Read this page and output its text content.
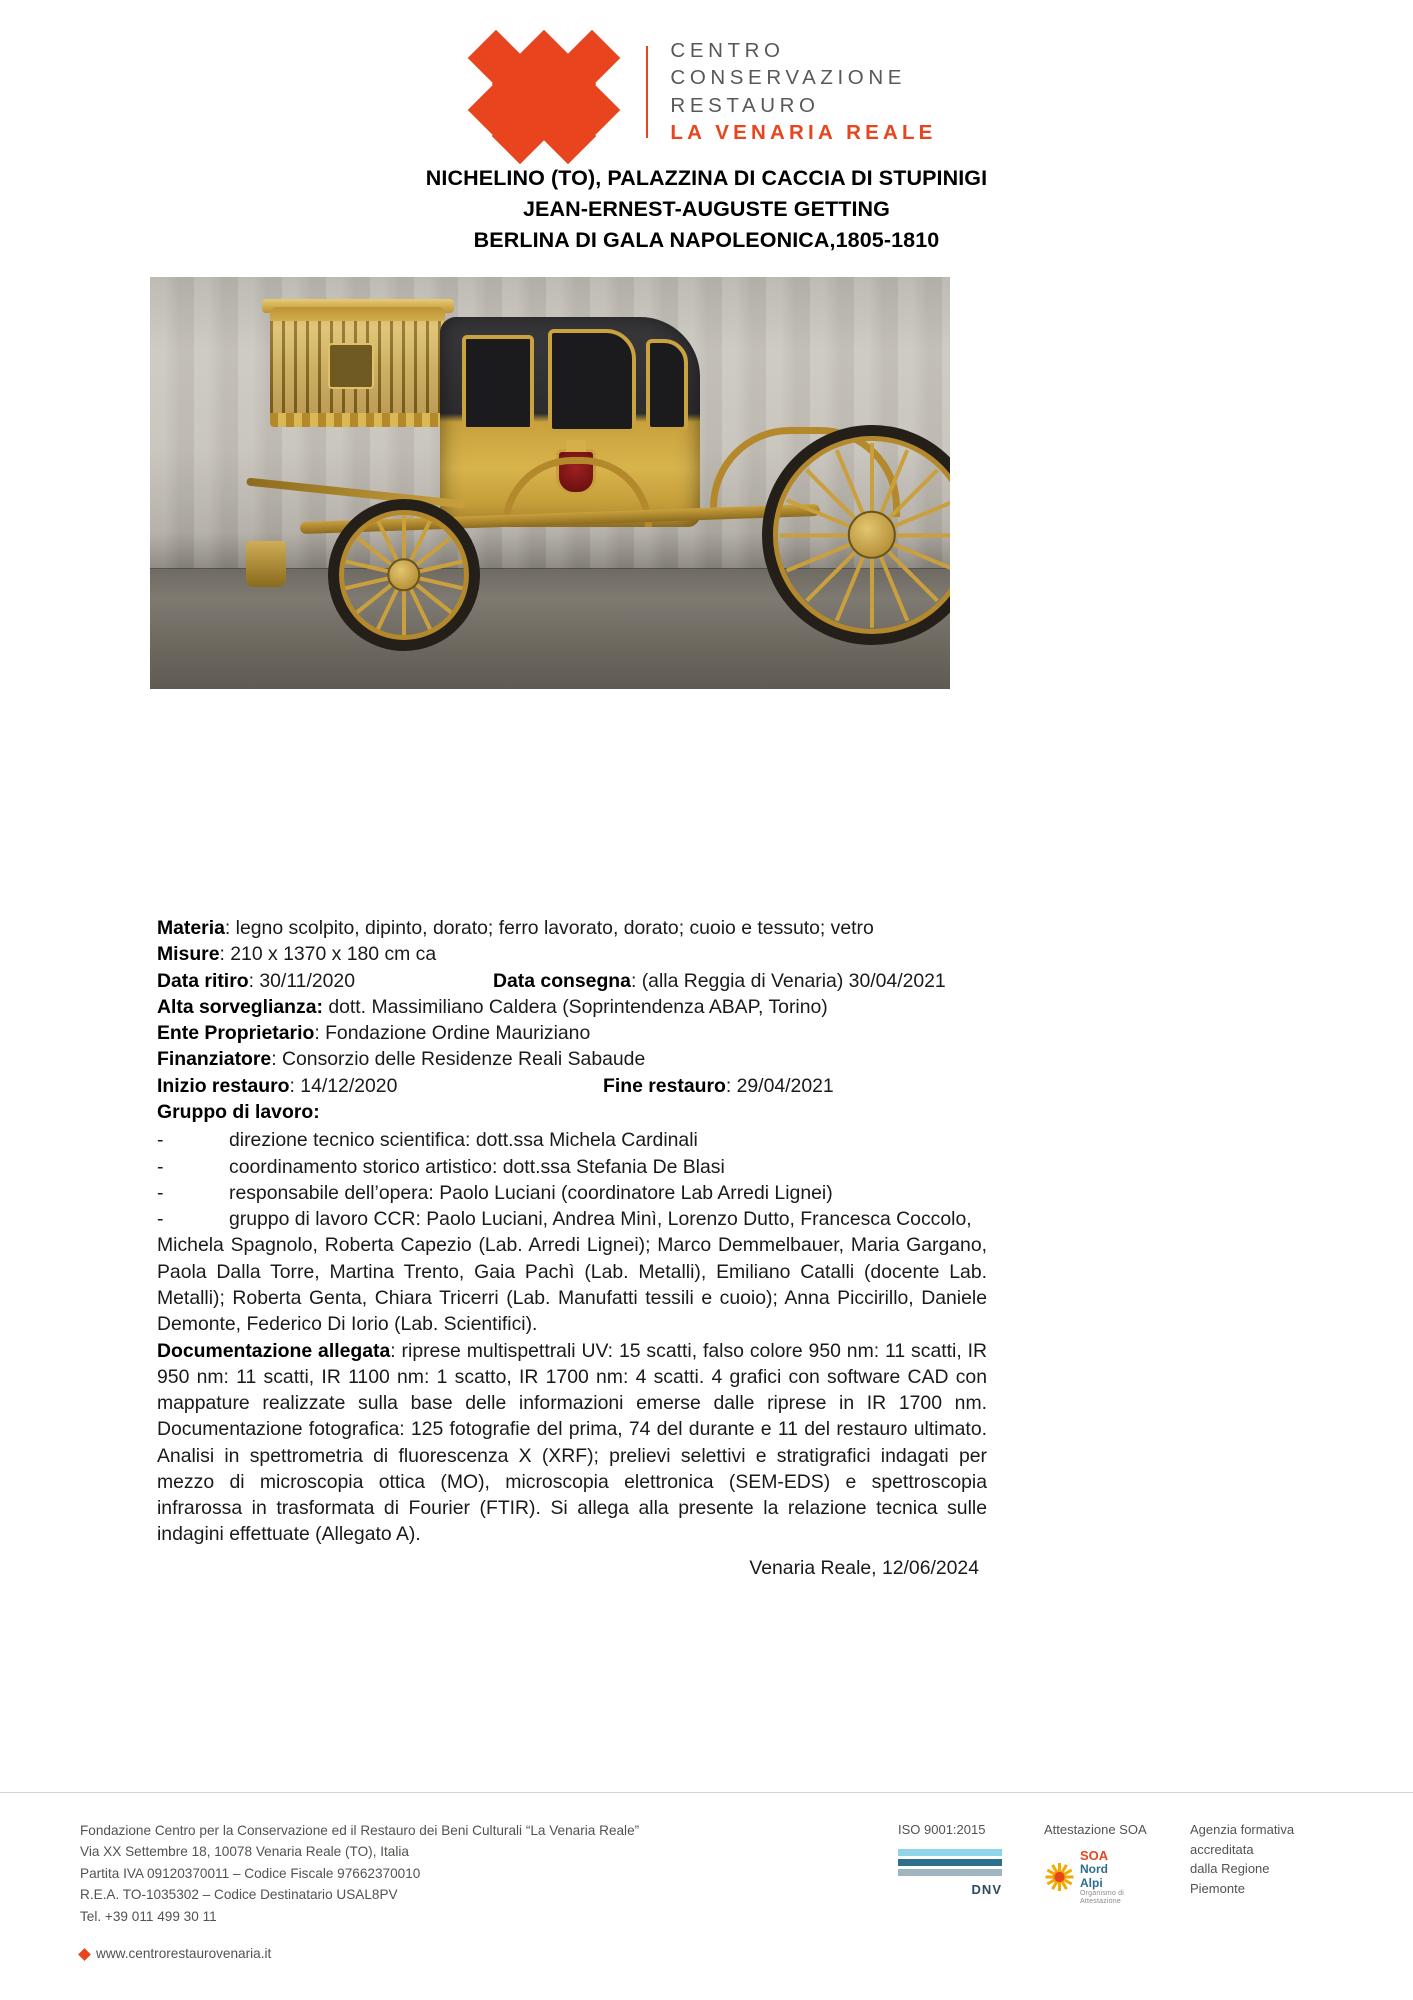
CENTRO
CONSERVAZIONE
RESTAURO
LA VENARIA REALE
NICHELINO (TO), PALAZZINA DI CACCIA DI STUPINIGI
JEAN-ERNEST-AUGUSTE GETTING
BERLINA DI GALA NAPOLEONICA,1805-1810
Materia: legno scolpito, dipinto, dorato; ferro lavorato, dorato; cuoio e tessuto; vetro
Misure: 210 x 1370 x 180 cm ca
Data ritiro: 30/11/2020	Data consegna: (alla Reggia di Venaria) 30/04/2021
Alta sorveglianza: dott. Massimiliano Caldera (Soprintendenza ABAP, Torino)
Ente Proprietario: Fondazione Ordine Mauriziano
Finanziatore: Consorzio delle Residenze Reali Sabaude
Inizio restauro: 14/12/2020	Fine restauro: 29/04/2021
Gruppo di lavoro:
-	direzione tecnico scientifica: dott.ssa Michela Cardinali
-	coordinamento storico artistico: dott.ssa Stefania De Blasi
-	responsabile dell’opera: Paolo Luciani (coordinatore Lab Arredi Lignei)
-	gruppo di lavoro CCR: Paolo Luciani, Andrea Minì, Lorenzo Dutto, Francesca Coccolo,
Michela Spagnolo, Roberta Capezio (Lab. Arredi Lignei); Marco Demmelbauer, Maria Gargano, Paola Dalla Torre, Martina Trento, Gaia Pachì (Lab. Metalli), Emiliano Catalli (docente Lab. Metalli); Roberta Genta, Chiara Tricerri (Lab. Manufatti tessili e cuoio); Anna Piccirillo, Daniele Demonte, Federico Di Iorio (Lab. Scientifici).
Documentazione allegata: riprese multispettrali UV: 15 scatti, falso colore 950 nm: 11 scatti, IR 950 nm: 11 scatti, IR 1100 nm: 1 scatto, IR 1700 nm: 4 scatti. 4 grafici con software CAD con mappature realizzate sulla base delle informazioni emerse dalle riprese in IR 1700 nm. Documentazione fotografica: 125 fotografie del prima, 74 del durante e 11 del restauro ultimato. Analisi in spettrometria di fluorescenza X (XRF); prelievi selettivi e stratigrafici indagati per mezzo di microscopia ottica (MO), microscopia elettronica (SEM-EDS) e spettroscopia infrarossa in trasformata di Fourier (FTIR). Si allega alla presente la relazione tecnica sulle indagini effettuate (Allegato A).
Venaria Reale, 12/06/2024
Fondazione Centro per la Conservazione ed il Restauro dei Beni Culturali “La Venaria Reale”
Via XX Settembre 18, 10078 Venaria Reale (TO), Italia
Partita IVA 09120370011 – Codice Fiscale 97662370010
R.E.A. TO-1035302 – Codice Destinatario USAL8PV
Tel. +39 011 499 30 11
www.centrorestaurovenaria.it
ISO 9001:2015
DNV
Attestazione SOA
SOA
Nord
Alpi
Organismo di Attestazione
Agenzia formativa
accreditata
dalla Regione
Piemonte
